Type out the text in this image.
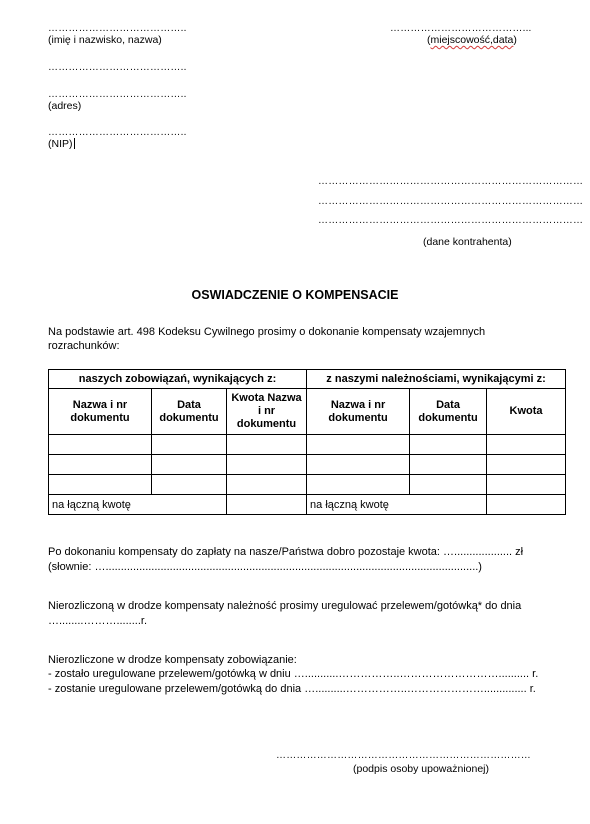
…………………………………..
(imię i nazwisko, nazwa)
…………………………………...
(miejscowość,data)
…………………………………..
…………………………………..
(adres)
…………………………………..
(NIP)
……………………………………………………………………
……………………………………………………………………
……………………………………………………………………
(dane kontrahenta)
OSWIADCZENIE O KOMPENSACIE
Na podstawie art. 498 Kodeksu Cywilnego prosimy o dokonanie kompensaty wzajemnych
rozrachunków:
naszych zobowiązań, wynikających z:			z naszymi należnościami, wynikającymi z:		
Nazwa i nr dokumentu	Data dokumentu	Kwota Nazwa i nr dokumentu	Nazwa i nr dokumentu	Data dokumentu	Kwota

na łączną kwotę			na łączną kwotę		
Po dokonaniu kompensaty do zapłaty na nasze/Państwa dobro pozostaje kwota: …................... zł
(słownie: …..........................................................................................................................)
Nierozliczoną w drodze kompensaty należność prosimy uregulować przelewem/gotówką* do dnia
…........………........r.
Nierozliczone w drodze kompensaty zobowiązanie:
- zostało uregulowane przelewem/gotówką w dniu …...........……………..……………………….......... r.
- zostanie uregulowane przelewem/gotówką do dnia …..........……………..………………….............. r.
…………………………………………………………………
(podpis osoby upoważnionej)
